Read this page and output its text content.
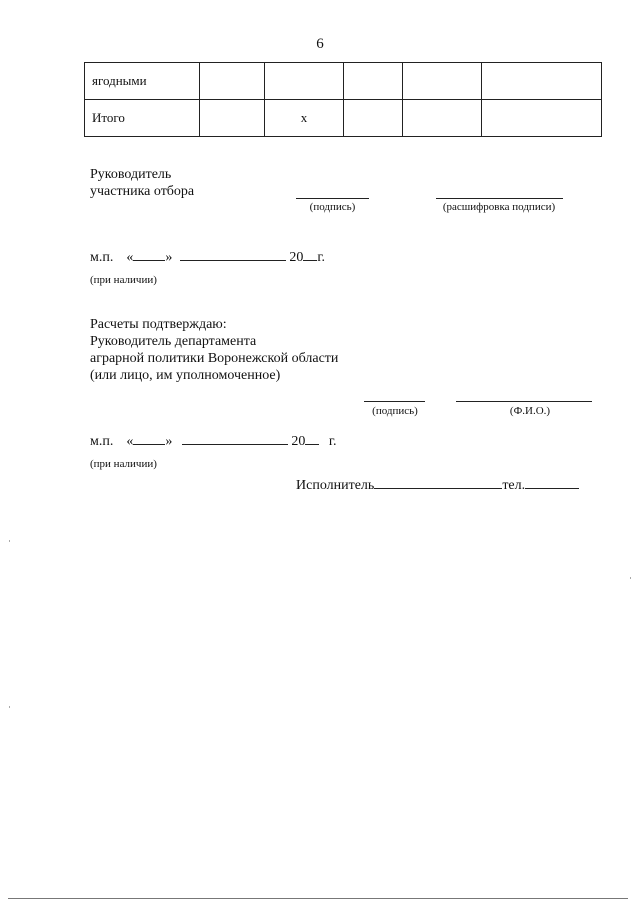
6
ягодными					
Итого		х			
Руководитель
участника отбора
(подпись)	(расшифровка подписи)
м.п. « »	20 г.
(при наличии)
Расчеты подтверждаю:
Руководитель департамента
аграрной политики Воронежской области
(или лицо, им уполномоченное)
(подпись)	(Ф.И.О.)
м.п. « »	20 г.
(при наличии)
Исполнитель	тел.
